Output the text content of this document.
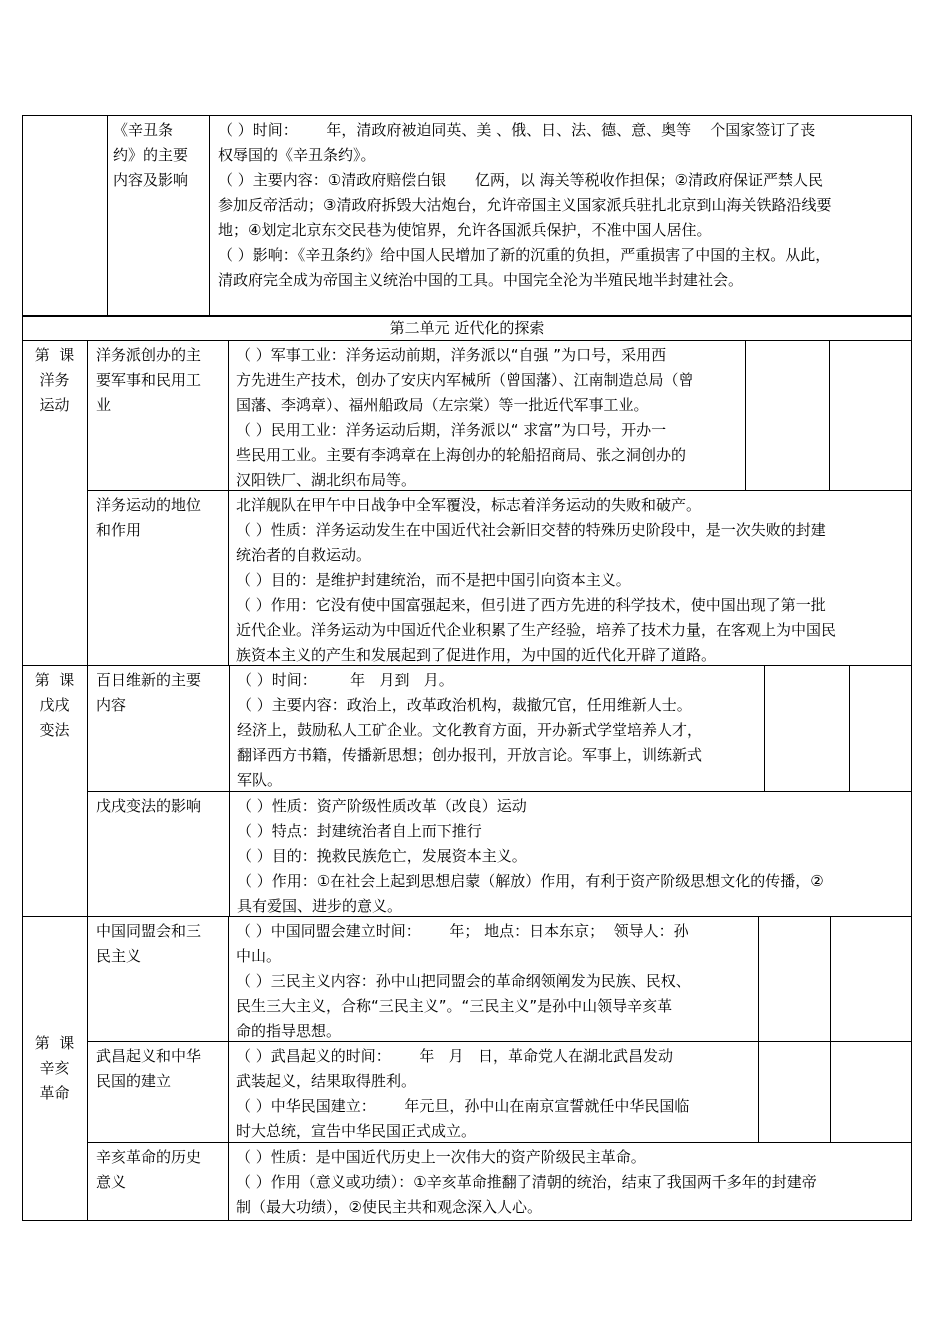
《辛丑条
约》的主要
内容及影响
（ ）时间：      年，清政府被迫同英、美 、俄、日、法、德、意、奥等    个国家签订了丧
权辱国的《辛丑条约》。
（ ）主要内容：①清政府赔偿白银      亿两，以 海关等税收作担保；②清政府保证严禁人民
参加反帝活动；③清政府拆毁大沽炮台，允许帝国主义国家派兵驻扎北京到山海关铁路沿线要
地；④划定北京东交民巷为使馆界，允许各国派兵保护，不准中国人居住。
（ ）影响：《辛丑条约》给中国人民增加了新的沉重的负担，严重损害了中国的主权。从此，
清政府完全成为帝国主义统治中国的工具。中国完全沦为半殖民地半封建社会。
第二单元 近代化的探索
第  课
洋务
运动
第  课
戊戌
变法
第  课
辛亥
革命
洋务派创办的主
要军事和民用工
业
（ ）军事工业：洋务运动前期，洋务派以“自强 ”为口号，采用西
方先进生产技术，创办了安庆内军械所（曾国藩）、江南制造总局（曾
国藩、李鸿章）、福州船政局（左宗棠）等一批近代军事工业。
（ ）民用工业：洋务运动后期，洋务派以“ 求富”为口号，开办一
些民用工业。主要有李鸿章在上海创办的轮船招商局、张之洞创办的
汉阳铁厂、湖北织布局等。
洋务运动的地位
和作用
北洋舰队在甲午中日战争中全军覆没，标志着洋务运动的失败和破产。
（ ）性质：洋务运动发生在中国近代社会新旧交替的特殊历史阶段中，是一次失败的封建
统治者的自救运动。
（ ）目的：是维护封建统治，而不是把中国引向资本主义。
（ ）作用：它没有使中国富强起来，但引进了西方先进的科学技术，使中国出现了第一批
近代企业。洋务运动为中国近代企业积累了生产经验，培养了技术力量，在客观上为中国民
族资本主义的产生和发展起到了促进作用，为中国的近代化开辟了道路。
百日维新的主要
内容
（ ）时间：       年   月到   月。
（ ）主要内容：政治上，改革政治机构，裁撤冗官，任用维新人士。
经济上，鼓励私人工矿企业。文化教育方面，开办新式学堂培养人才，
翻译西方书籍，传播新思想；创办报刊，开放言论。军事上，训练新式
军队。
戊戌变法的影响	（ ）性质：资产阶级性质改革（改良）运动
（ ）特点：封建统治者自上而下推行
（ ）目的：挽救民族危亡，发展资本主义。
（ ）作用：①在社会上起到思想启蒙（解放）作用，有利于资产阶级思想文化的传播，②
具有爱国、进步的意义。
中国同盟会和三
民主义
（ ）中国同盟会建立时间：      年； 地点：日本东京；  领导人：孙
中山。
（ ）三民主义内容：孙中山把同盟会的革命纲领阐发为民族、民权、
民生三大主义，合称“三民主义”。“三民主义”是孙中山领导辛亥革
命的指导思想。
武昌起义和中华
民国的建立
（ ）武昌起义的时间：      年   月   日，革命党人在湖北武昌发动
武装起义，结果取得胜利。
（ ）中华民国建立：      年元旦，孙中山在南京宣誓就任中华民国临
时大总统，宣告中华民国正式成立。
辛亥革命的历史
意义
（ ）性质：是中国近代历史上一次伟大的资产阶级民主革命。
（ ）作用（意义或功绩）：①辛亥革命推翻了清朝的统治，结束了我国两千多年的封建帝
制（最大功绩），②使民主共和观念深入人心。
